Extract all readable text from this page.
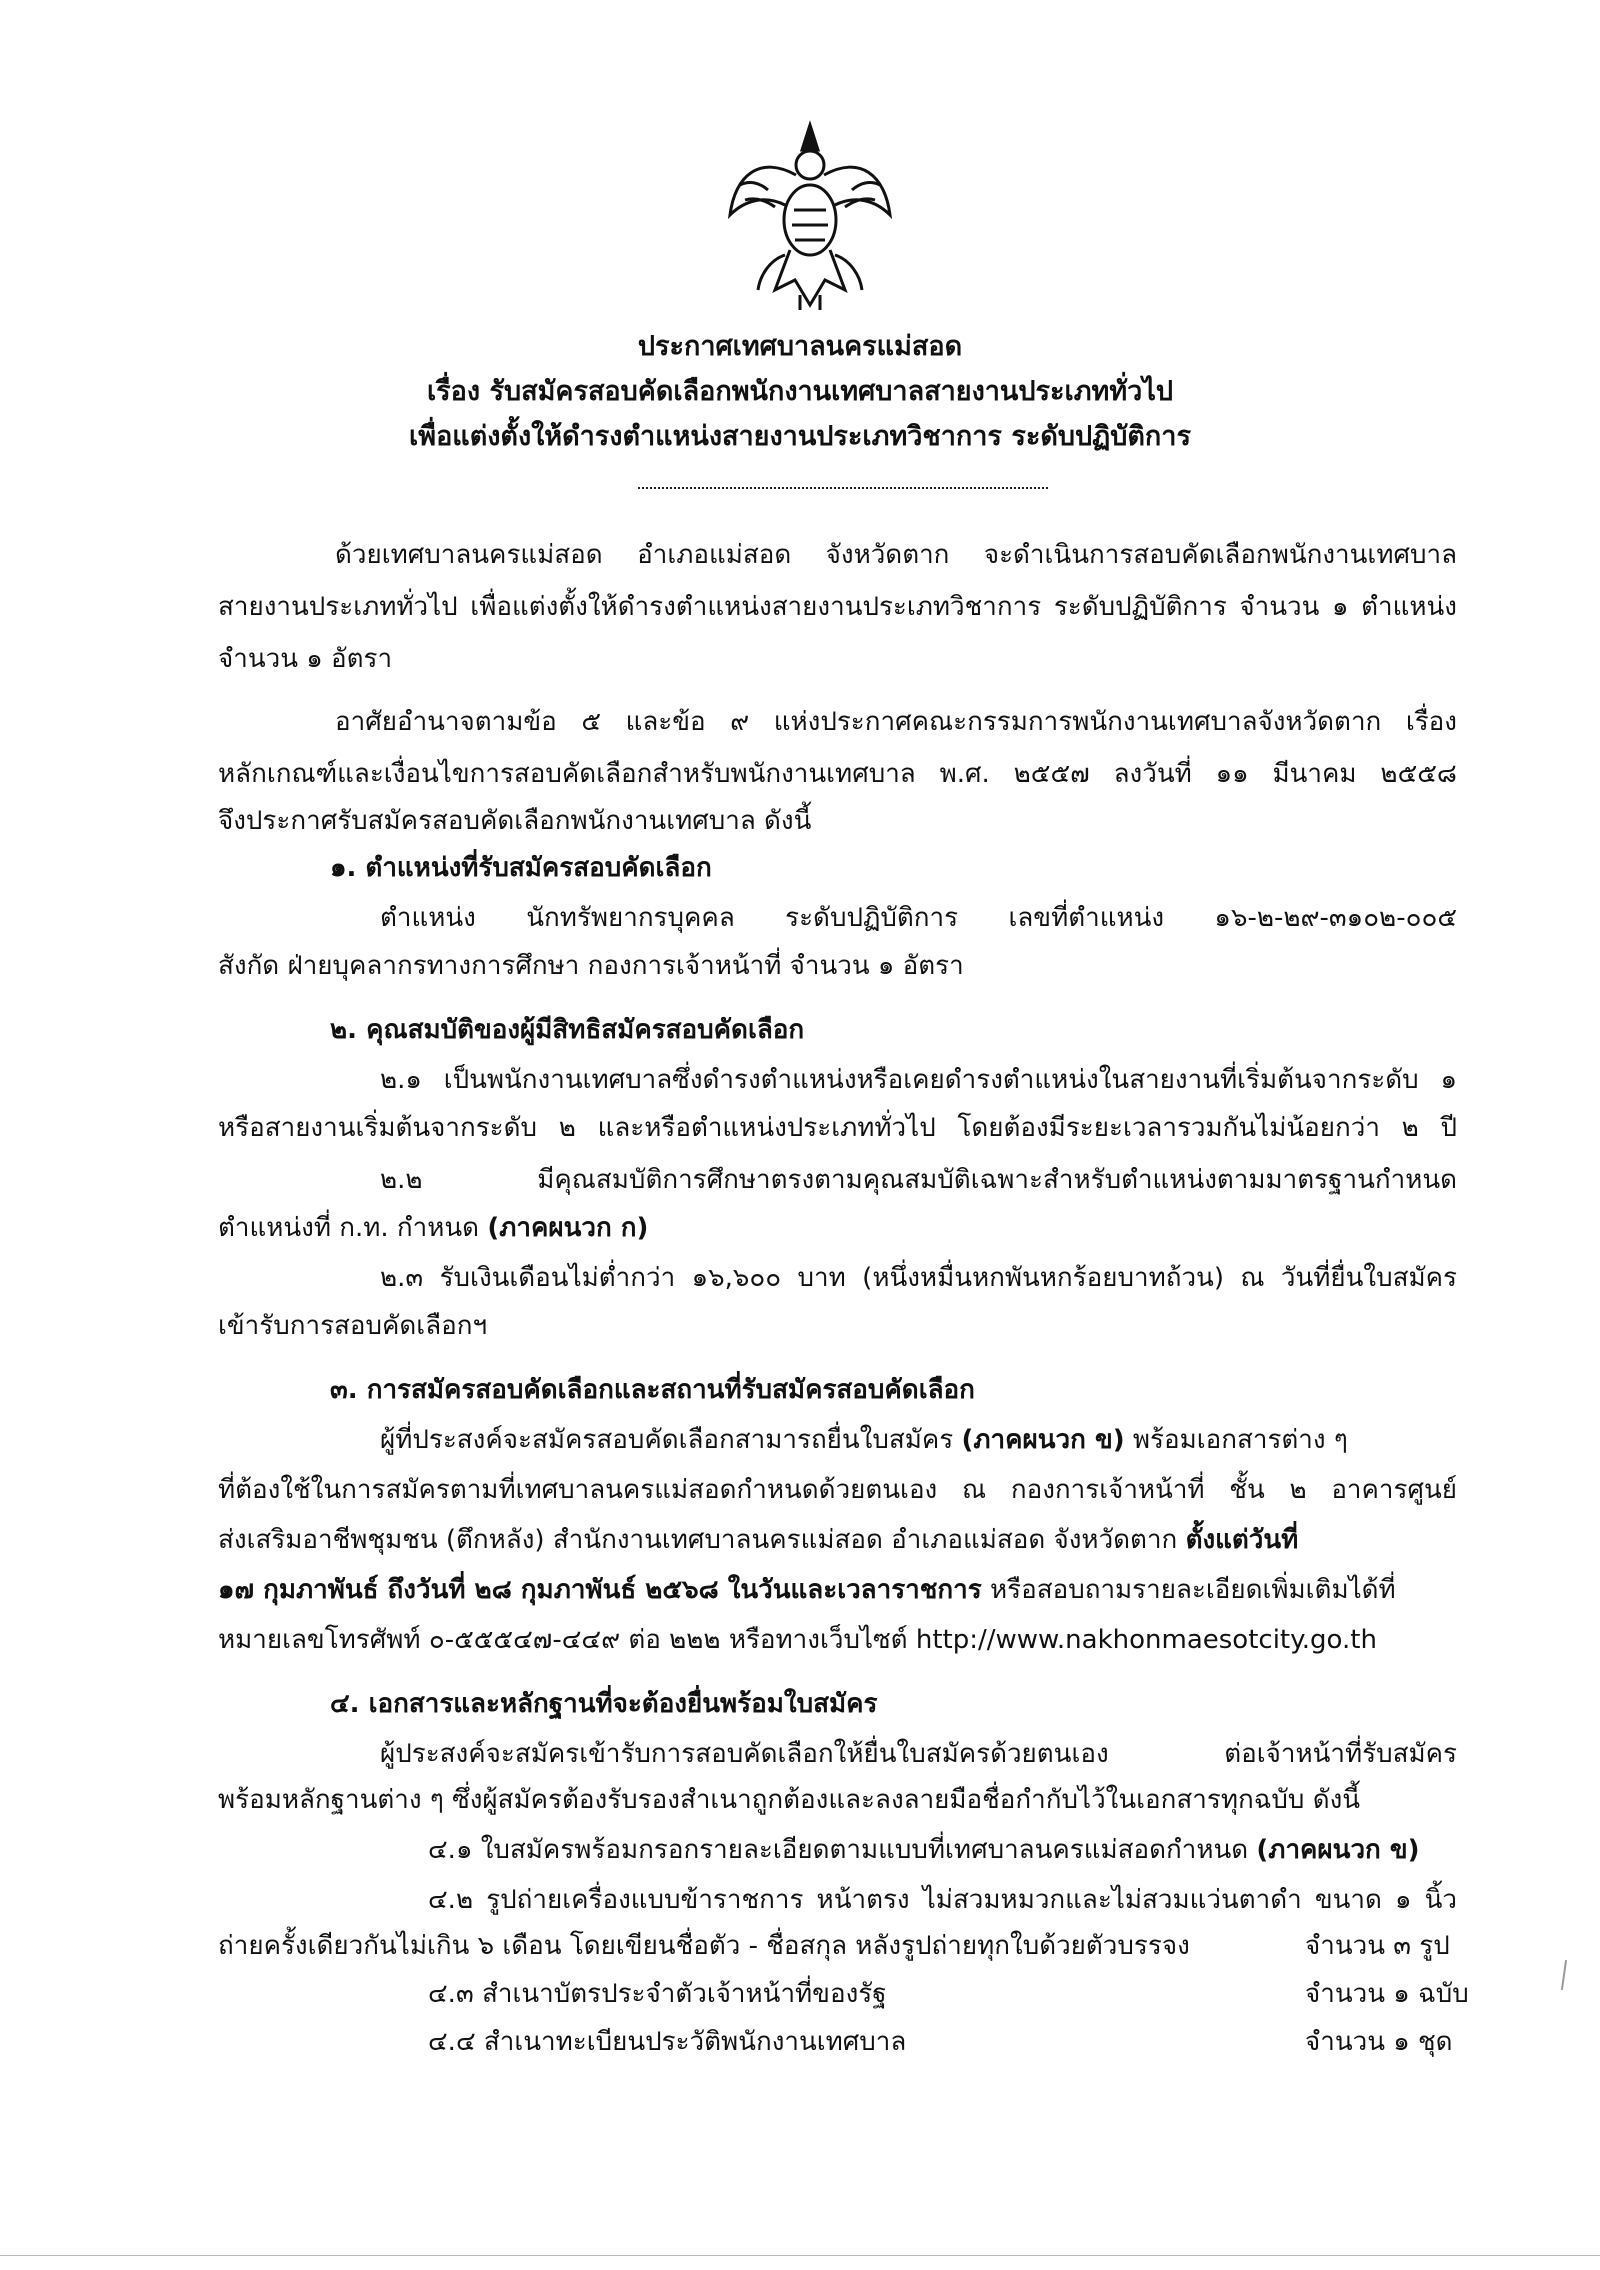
ประกาศเทศบาลนครแม่สอด
เรื่อง รับสมัครสอบคัดเลือกพนักงานเทศบาลสายงานประเภททั่วไป
เพื่อแต่งตั้งให้ดำรงตำแหน่งสายงานประเภทวิชาการ ระดับปฏิบัติการ
ด้วยเทศบาลนครแม่สอด อำเภอแม่สอด จังหวัดตาก จะดำเนินการสอบคัดเลือกพนักงานเทศบาล
สายงานประเภททั่วไป เพื่อแต่งตั้งให้ดำรงตำแหน่งสายงานประเภทวิชาการ ระดับปฏิบัติการ จำนวน ๑ ตำแหน่ง
จำนวน ๑ อัตรา
อาศัยอำนาจตามข้อ ๕ และข้อ ๙ แห่งประกาศคณะกรรมการพนักงานเทศบาลจังหวัดตาก เรื่อง
หลักเกณฑ์และเงื่อนไขการสอบคัดเลือกสำหรับพนักงานเทศบาล พ.ศ. ๒๕๕๗ ลงวันที่ ๑๑ มีนาคม ๒๕๕๘
จึงประกาศรับสมัครสอบคัดเลือกพนักงานเทศบาล ดังนี้
๑. ตำแหน่งที่รับสมัครสอบคัดเลือก
ตำแหน่ง นักทรัพยากรบุคคล ระดับปฏิบัติการ เลขที่ตำแหน่ง ๑๖-๒-๒๙-๓๑๐๒-๐๐๕
สังกัด ฝ่ายบุคลากรทางการศึกษา กองการเจ้าหน้าที่ จำนวน ๑ อัตรา
๒. คุณสมบัติของผู้มีสิทธิสมัครสอบคัดเลือก
๒.๑ เป็นพนักงานเทศบาลซึ่งดำรงตำแหน่งหรือเคยดำรงตำแหน่งในสายงานที่เริ่มต้นจากระดับ ๑
หรือสายงานเริ่มต้นจากระดับ ๒ และหรือตำแหน่งประเภททั่วไป โดยต้องมีระยะเวลารวมกันไม่น้อยกว่า ๒ ปี
๒.๒ มีคุณสมบัติการศึกษาตรงตามคุณสมบัติเฉพาะสำหรับตำแหน่งตามมาตรฐานกำหนด
ตำแหน่งที่ ก.ท. กำหนด (ภาคผนวก ก)
๒.๓ รับเงินเดือนไม่ต่ำกว่า ๑๖,๖๐๐ บาท (หนึ่งหมื่นหกพันหกร้อยบาทถ้วน) ณ วันที่ยื่นใบสมัคร
เข้ารับการสอบคัดเลือกฯ
๓. การสมัครสอบคัดเลือกและสถานที่รับสมัครสอบคัดเลือก
ผู้ที่ประสงค์จะสมัครสอบคัดเลือกสามารถยื่นใบสมัคร (ภาคผนวก ข) พร้อมเอกสารต่าง ๆ
ที่ต้องใช้ในการสมัครตามที่เทศบาลนครแม่สอดกำหนดด้วยตนเอง ณ กองการเจ้าหน้าที่ ชั้น ๒ อาคารศูนย์
ส่งเสริมอาชีพชุมชน (ตึกหลัง) สำนักงานเทศบาลนครแม่สอด อำเภอแม่สอด จังหวัดตาก ตั้งแต่วันที่
๑๗ กุมภาพันธ์ ถึงวันที่ ๒๘ กุมภาพันธ์ ๒๕๖๘ ในวันและเวลาราชการ หรือสอบถามรายละเอียดเพิ่มเติมได้ที่
หมายเลขโทรศัพท์ ๐-๕๕๕๔๗-๔๔๙ ต่อ ๒๒๒ หรือทางเว็บไซต์ http://www.nakhonmaesotcity.go.th
๔. เอกสารและหลักฐานที่จะต้องยื่นพร้อมใบสมัคร
ผู้ประสงค์จะสมัครเข้ารับการสอบคัดเลือกให้ยื่นใบสมัครด้วยตนเอง ต่อเจ้าหน้าที่รับสมัคร
พร้อมหลักฐานต่าง ๆ ซึ่งผู้สมัครต้องรับรองสำเนาถูกต้องและลงลายมือชื่อกำกับไว้ในเอกสารทุกฉบับ ดังนี้
๔.๑ ใบสมัครพร้อมกรอกรายละเอียดตามแบบที่เทศบาลนครแม่สอดกำหนด (ภาคผนวก ข)
๔.๒ รูปถ่ายเครื่องแบบข้าราชการ หน้าตรง ไม่สวมหมวกและไม่สวมแว่นตาดำ ขนาด ๑ นิ้ว
ถ่ายครั้งเดียวกันไม่เกิน ๖ เดือน โดยเขียนชื่อตัว - ชื่อสกุล หลังรูปถ่ายทุกใบด้วยตัวบรรจง	จำนวน ๓ รูป
๔.๓ สำเนาบัตรประจำตัวเจ้าหน้าที่ของรัฐ	จำนวน ๑ ฉบับ
๔.๔ สำเนาทะเบียนประวัติพนักงานเทศบาล	จำนวน ๑ ชุด
